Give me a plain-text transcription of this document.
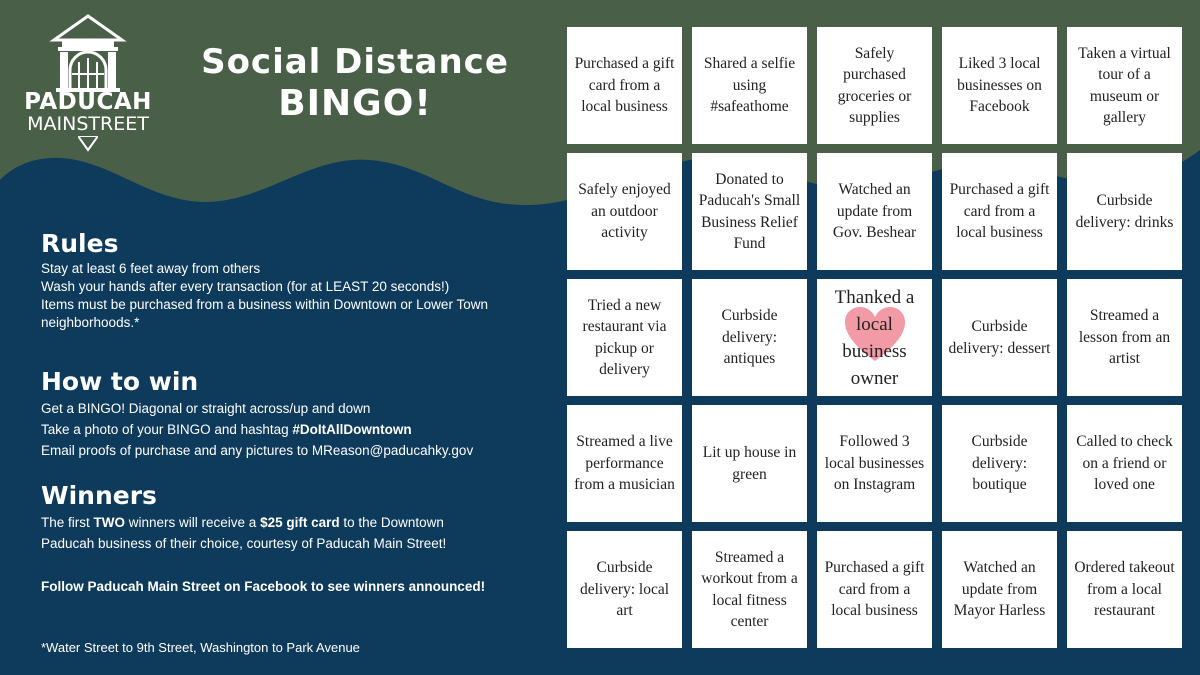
1858
PADUCAH
MAINSTREET
Social Distance
BINGO!
Rules
Stay at least 6 feet away from others
Wash your hands after every transaction (for at LEAST 20 seconds!)
Items must be purchased from a business within Downtown or Lower Town neighborhoods.*
How to win
Get a BINGO! Diagonal or straight across/up and down
Take a photo of your BINGO and hashtag #DoItAllDowntown
Email proofs of purchase and any pictures to MReason@paducahky.gov
Winners
The first TWO winners will receive a $25 gift card to the Downtown
Paducah business of their choice, courtesy of Paducah Main Street!
Follow Paducah Main Street on Facebook to see winners announced!
*Water Street to 9th Street, Washington to Park Avenue
Purchased a gift card from a local business
Shared a selfie using #safeathome
Safely purchased groceries or supplies
Liked 3 local businesses on Facebook
Taken a virtual tour of a museum or gallery
Safely enjoyed an outdoor activity
Donated to Paducah's Small Business Relief Fund
Watched an update from Gov. Beshear
Purchased a gift card from a local business
Curbside delivery: drinks
Tried a new restaurant via pickup or delivery
Curbside delivery: antiques
Thanked a local business owner
Curbside delivery: dessert
Streamed a lesson from an artist
Streamed a live performance from a musician
Lit up house in green
Followed 3 local businesses on Instagram
Curbside delivery: boutique
Called to check on a friend or loved one
Curbside delivery: local art
Streamed a workout from a local fitness center
Purchased a gift card from a local business
Watched an update from Mayor Harless
Ordered takeout from a local restaurant
